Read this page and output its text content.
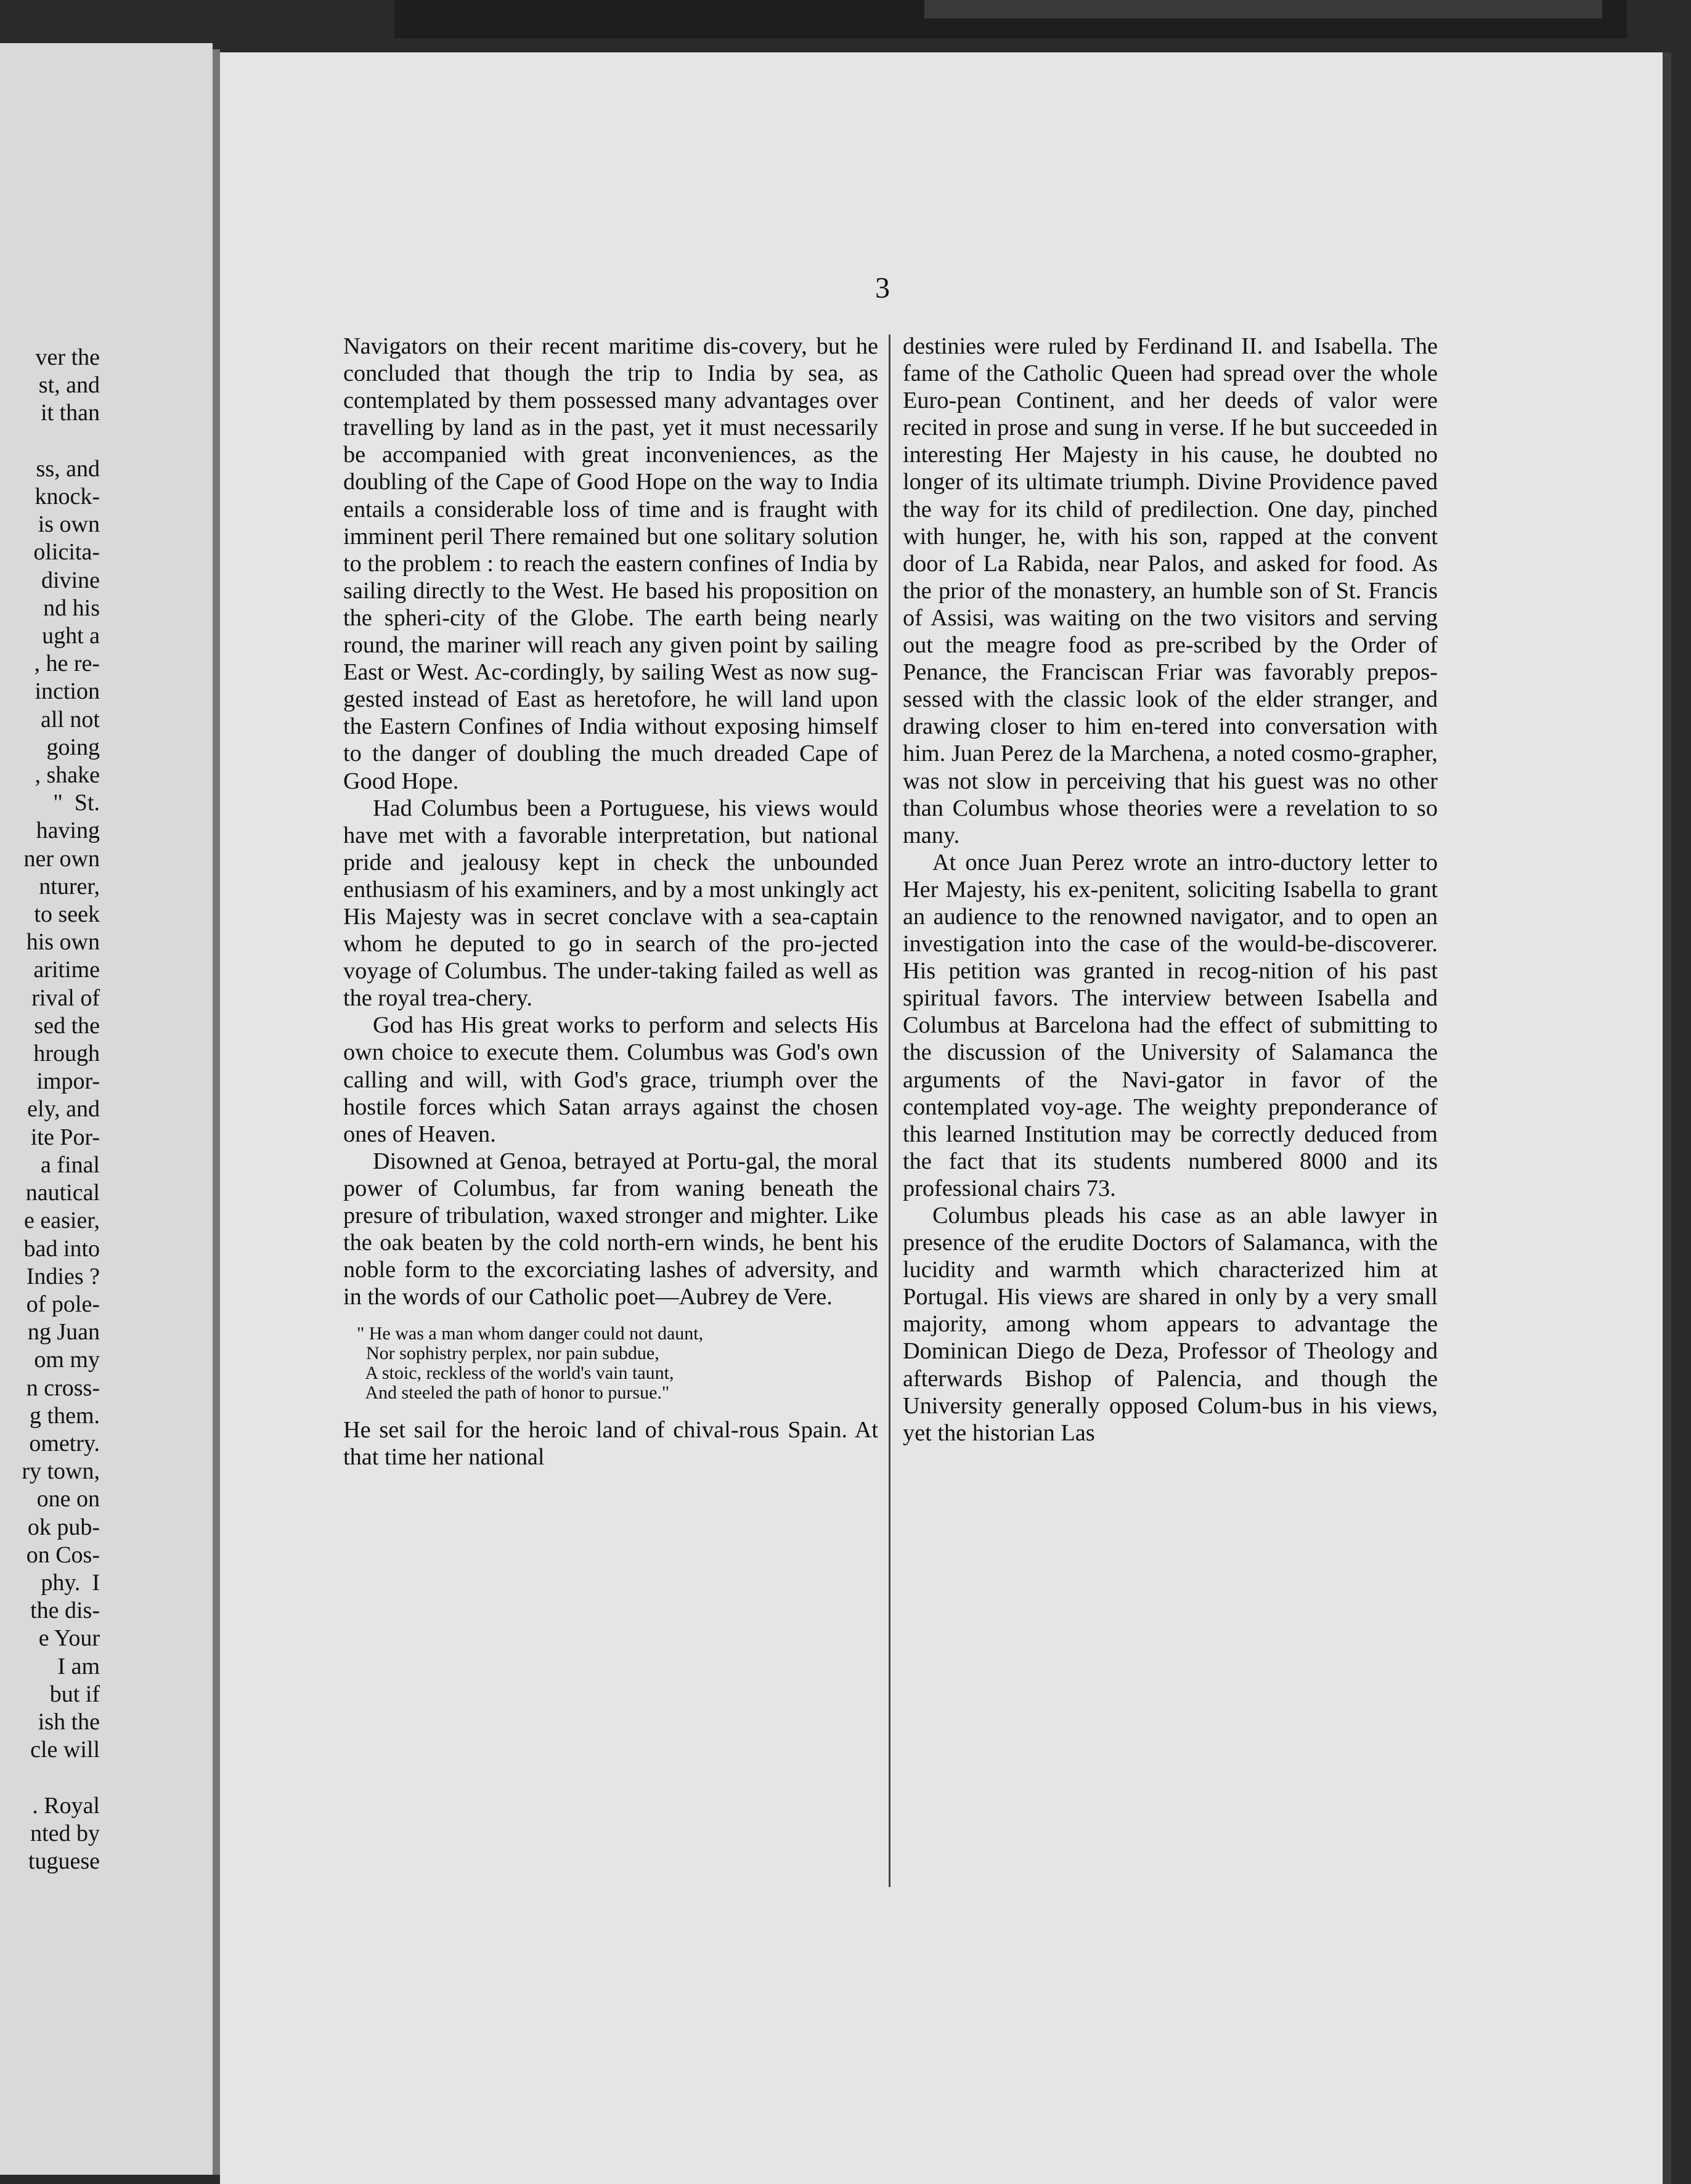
ver the
st, and
it than

ss, and
knock-
is own
olicita-
divine
nd his
ught a
, he re-
inction
all not
going
, shake
"  St.
having
ner own
nturer,
to seek
his own
aritime
rival of
sed the
hrough
impor-
ely, and
ite Por-
a final
nautical
e easier,
bad into
Indies ?
of pole-
ng Juan
om my
n cross-
g them.
ometry.
ry town,
one on
ok pub-
on Cos-
phy.  I
the dis-
e Your
I am
but if
ish the
cle will

. Royal
nted by
tuguese
3

Navigators on their recent maritime dis-covery, but he concluded that though the trip to India by sea, as contemplated by them possessed many advantages over travelling by land as in the past, yet it must necessarily be accompanied with great inconveniences, as the doubling of the Cape of Good Hope on the way to India entails a considerable loss of time and is fraught with imminent peril There remained but one solitary solution to the problem : to reach the eastern confines of India by sailing directly to the West. He based his proposition on the spheri-city of the Globe. The earth being nearly round, the mariner will reach any given point by sailing East or West. Ac-cordingly, by sailing West as now sug-gested instead of East as heretofore, he will land upon the Eastern Confines of India without exposing himself to the danger of doubling the much dreaded Cape of Good Hope.

Had Columbus been a Portuguese, his views would have met with a favorable interpretation, but national pride and jealousy kept in check the unbounded enthusiasm of his examiners, and by a most unkingly act His Majesty was in secret conclave with a sea-captain whom he deputed to go in search of the pro-jected voyage of Columbus. The under-taking failed as well as the royal trea-chery.

God has His great works to perform and selects His own choice to execute them. Columbus was God's own calling and will, with God's grace, triumph over the hostile forces which Satan arrays against the chosen ones of Heaven.

Disowned at Genoa, betrayed at Portu-gal, the moral power of Columbus, far from waning beneath the presure of tribulation, waxed stronger and mighter. Like the oak beaten by the cold north-ern winds, he bent his noble form to the excorciating lashes of adversity, and in the words of our Catholic poet—Aubrey de Vere.

" He was a man whom danger could not daunt,
Nor sophistry perplex, nor pain subdue,
A stoic, reckless of the world's vain taunt,
And steeled the path of honor to pursue."

He set sail for the heroic land of chival-rous Spain. At that time her national

destinies were ruled by Ferdinand II. and Isabella. The fame of the Catholic Queen had spread over the whole Euro-pean Continent, and her deeds of valor were recited in prose and sung in verse. If he but succeeded in interesting Her Majesty in his cause, he doubted no longer of its ultimate triumph. Divine Providence paved the way for its child of predilection. One day, pinched with hunger, he, with his son, rapped at the convent door of La Rabida, near Palos, and asked for food. As the prior of the monastery, an humble son of St. Francis of Assisi, was waiting on the two visitors and serving out the meagre food as pre-scribed by the Order of Penance, the Franciscan Friar was favorably prepos-sessed with the classic look of the elder stranger, and drawing closer to him en-tered into conversation with him. Juan Perez de la Marchena, a noted cosmo-grapher, was not slow in perceiving that his guest was no other than Columbus whose theories were a revelation to so many.

At once Juan Perez wrote an intro-ductory letter to Her Majesty, his ex-penitent, soliciting Isabella to grant an audience to the renowned navigator, and to open an investigation into the case of the would-be-discoverer. His petition was granted in recog-nition of his past spiritual favors. The interview between Isabella and Columbus at Barcelona had the effect of submitting to the discussion of the University of Salamanca the arguments of the Navi-gator in favor of the contemplated voy-age. The weighty preponderance of this learned Institution may be correctly deduced from the fact that its students numbered 8000 and its professional chairs 73.

Columbus pleads his case as an able lawyer in presence of the erudite Doctors of Salamanca, with the lucidity and warmth which characterized him at Portugal. His views are shared in only by a very small majority, among whom appears to advantage the Dominican Diego de Deza, Professor of Theology and afterwards Bishop of Palencia, and though the University generally opposed Colum-bus in his views, yet the historian Las
